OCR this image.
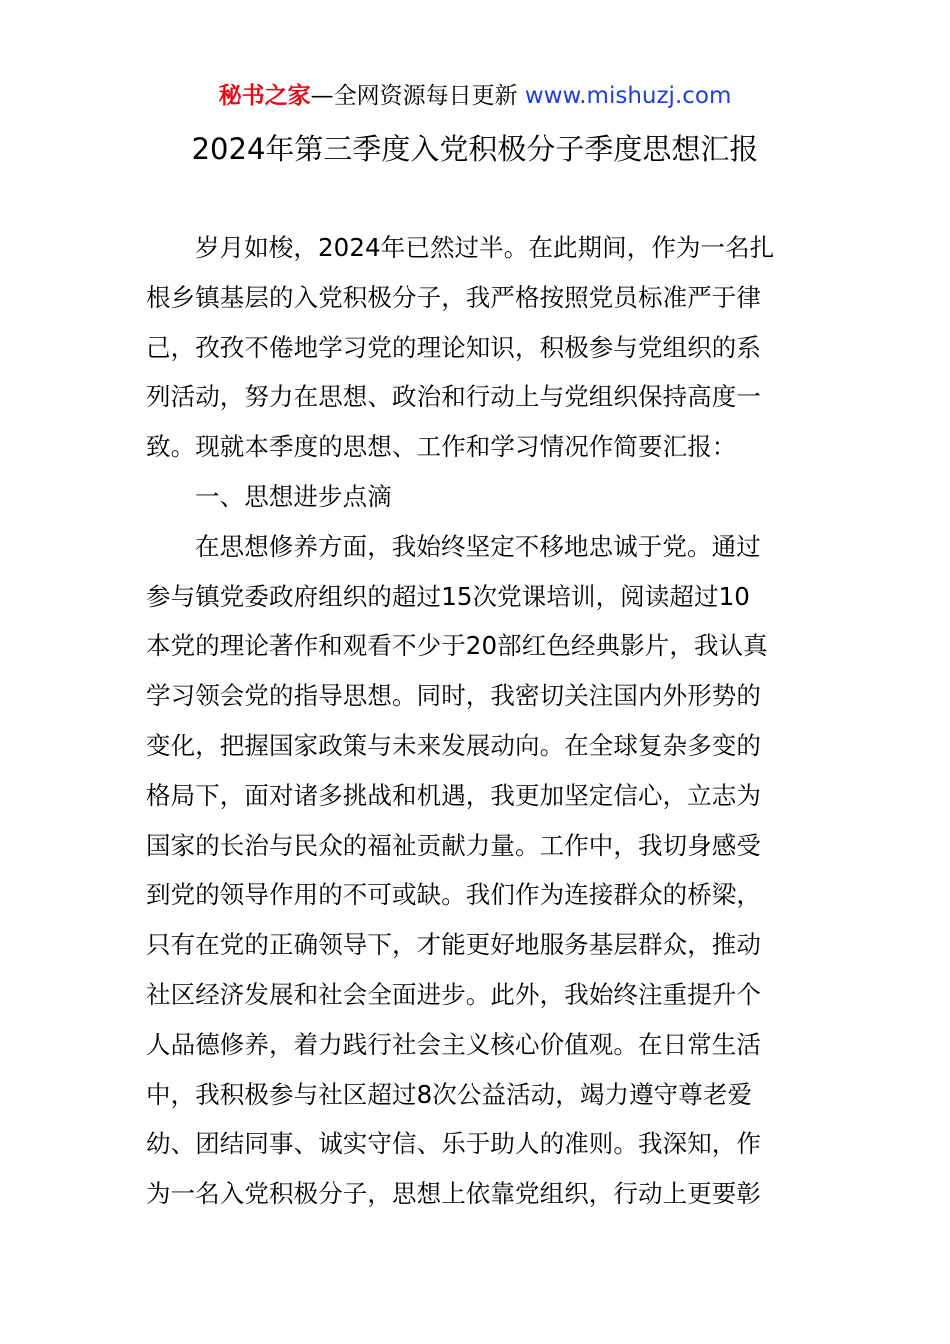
秘书之家—全网资源每日更新 www.mishuzj.com
2024年第三季度入党积极分子季度思想汇报
岁月如梭，2024年已然过半。在此期间，作为一名扎
根乡镇基层的入党积极分子，我严格按照党员标准严于律
己，孜孜不倦地学习党的理论知识，积极参与党组织的系
列活动，努力在思想、政治和行动上与党组织保持高度一
致。现就本季度的思想、工作和学习情况作简要汇报：
一、思想进步点滴
在思想修养方面，我始终坚定不移地忠诚于党。通过
参与镇党委政府组织的超过15次党课培训，阅读超过10
本党的理论著作和观看不少于20部红色经典影片，我认真
学习领会党的指导思想。同时，我密切关注国内外形势的
变化，把握国家政策与未来发展动向。在全球复杂多变的
格局下，面对诸多挑战和机遇，我更加坚定信心，立志为
国家的长治与民众的福祉贡献力量。工作中，我切身感受
到党的领导作用的不可或缺。我们作为连接群众的桥梁，
只有在党的正确领导下，才能更好地服务基层群众，推动
社区经济发展和社会全面进步。此外，我始终注重提升个
人品德修养，着力践行社会主义核心价值观。在日常生活
中，我积极参与社区超过8次公益活动，竭力遵守尊老爱
幼、团结同事、诚实守信、乐于助人的准则。我深知，作
为一名入党积极分子，思想上依靠党组织，行动上更要彰
